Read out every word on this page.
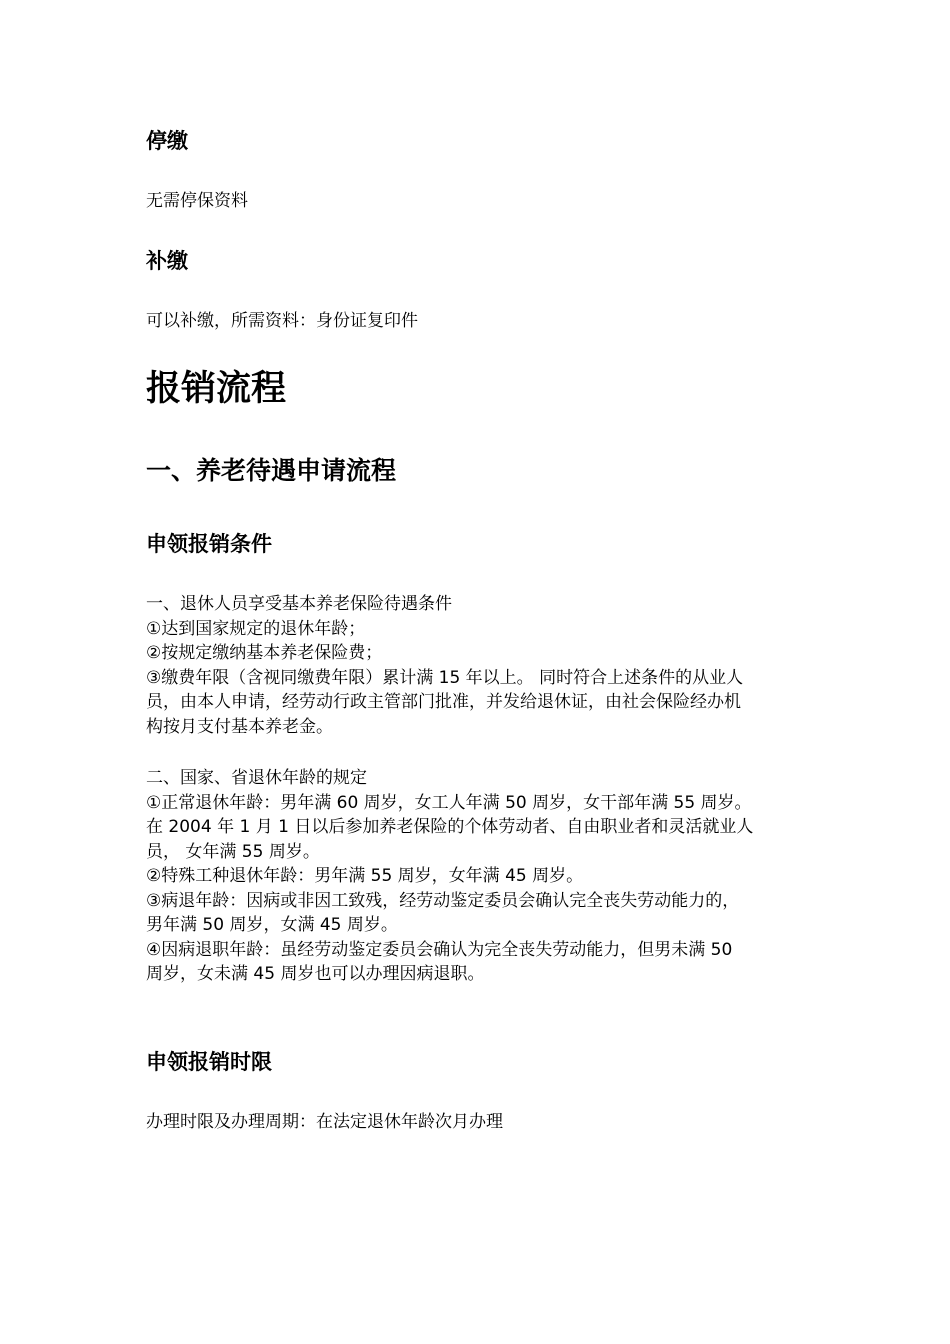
停缴

无需停保资料

补缴

可以补缴，所需资料：身份证复印件

报销流程
一、养老待遇申请流程
申领报销条件
一、退休人员享受基本养老保险待遇条件
①达到国家规定的退休年龄；
②按规定缴纳基本养老保险费；
③缴费年限（含视同缴费年限）累计满 15 年以上。 同时符合上述条件的从业人
员，由本人申请，经劳动行政主管部门批准，并发给退休证，由社会保险经办机
构按月支付基本养老金。
二、国家、省退休年龄的规定
①正常退休年龄：男年满 60 周岁，女工人年满 50 周岁，女干部年满 55 周岁。
在 2004 年 1 月 1 日以后参加养老保险的个体劳动者、自由职业者和灵活就业人
员， 女年满 55 周岁。
②特殊工种退休年龄：男年满 55 周岁，女年满 45 周岁。
③病退年龄：因病或非因工致残，经劳动鉴定委员会确认完全丧失劳动能力的，
男年满 50 周岁，女满 45 周岁。
④因病退职年龄：虽经劳动鉴定委员会确认为完全丧失劳动能力，但男未满 50
周岁，女未满 45 周岁也可以办理因病退职。
申领报销时限

办理时限及办理周期：在法定退休年龄次月办理
